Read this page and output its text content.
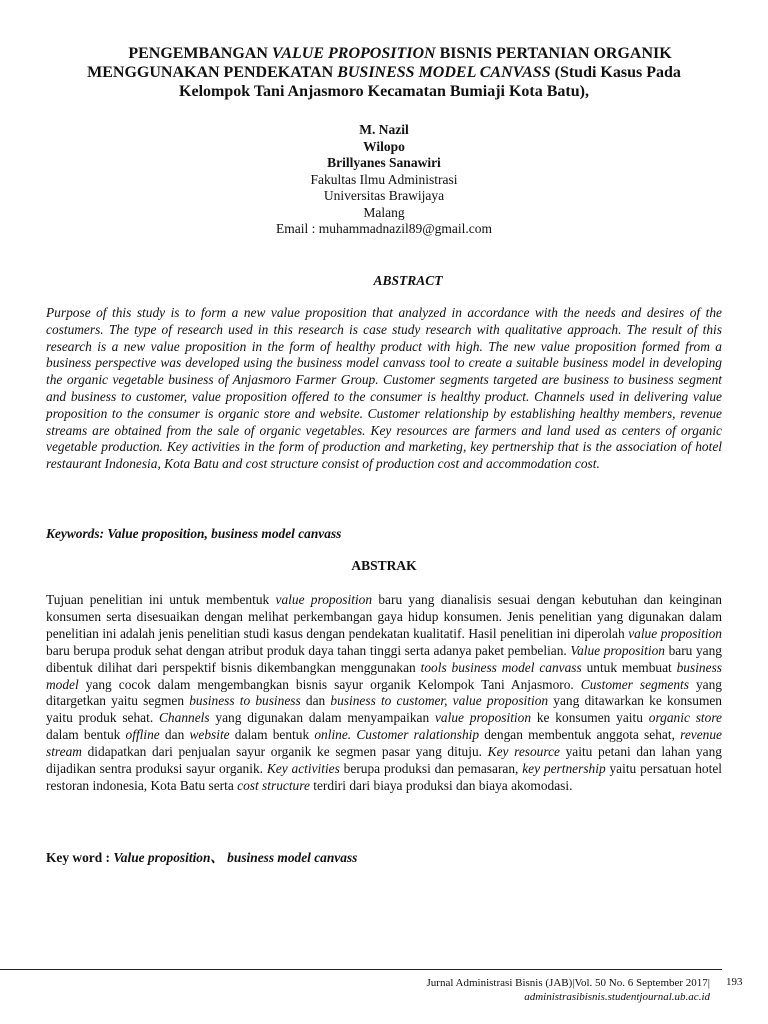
PENGEMBANGAN VALUE PROPOSITION BISNIS PERTANIAN ORGANIK
MENGGUNAKAN PENDEKATAN BUSINESS MODEL CANVASS (Studi Kasus Pada
Kelompok Tani Anjasmoro Kecamatan Bumiaji Kota Batu),
M. Nazil
Wilopo
Brillyanes Sanawiri
Fakultas Ilmu Administrasi
Universitas Brawijaya
Malang
Email : muhammadnazil89@gmail.com
ABSTRACT
Purpose of this study is to form a new value proposition that analyzed in accordance with the needs and desires of the costumers. The type of research used in this research is case study research with qualitative approach. The result of this research is a new value proposition in the form of healthy product with high. The new value proposition formed from a business perspective was developed using the business model canvass tool to create a suitable business model in developing the organic vegetable business of Anjasmoro Farmer Group. Customer segments targeted are business to business segment and business to customer, value proposition offered to the consumer is healthy product. Channels used in delivering value proposition to the consumer is organic store and website. Customer relationship by establishing healthy members, revenue streams are obtained from the sale of organic vegetables. Key resources are farmers and land used as centers of organic vegetable production. Key activities in the form of production and marketing, key pertnership that is the association of hotel restaurant Indonesia, Kota Batu and cost structure consist of production cost and accommodation cost.
Keywords: Value proposition, business model canvass
ABSTRAK
Tujuan penelitian ini untuk membentuk value proposition baru yang dianalisis sesuai dengan kebutuhan dan keinginan konsumen serta disesuaikan dengan melihat perkembangan gaya hidup konsumen. Jenis penelitian yang digunakan dalam penelitian ini adalah jenis penelitian studi kasus dengan pendekatan kualitatif. Hasil penelitian ini diperolah value proposition baru berupa produk sehat dengan atribut produk daya tahan tinggi serta adanya paket pembelian. Value proposition baru yang dibentuk dilihat dari perspektif bisnis dikembangkan menggunakan tools business model canvass untuk membuat business model yang cocok dalam mengembangkan bisnis sayur organik Kelompok Tani Anjasmoro. Customer segments yang ditargetkan yaitu segmen business to business dan business to customer, value proposition yang ditawarkan ke konsumen yaitu produk sehat. Channels yang digunakan dalam menyampaikan value proposition ke konsumen yaitu organic store dalam bentuk offline dan website dalam bentuk online. Customer ralationship dengan membentuk anggota sehat, revenue stream didapatkan dari penjualan sayur organik ke segmen pasar yang dituju. Key resource yaitu petani dan lahan yang dijadikan sentra produksi sayur organik. Key activities berupa produksi dan pemasaran, key pertnership yaitu persatuan hotel restoran indonesia, Kota Batu serta cost structure terdiri dari biaya produksi dan biaya akomodasi.
Key word : Value proposition、 business model canvass
Jurnal Administrasi Bisnis (JAB)|Vol. 50 No. 6 September 2017|
administrasibisnis.studentjournal.ub.ac.id
193
